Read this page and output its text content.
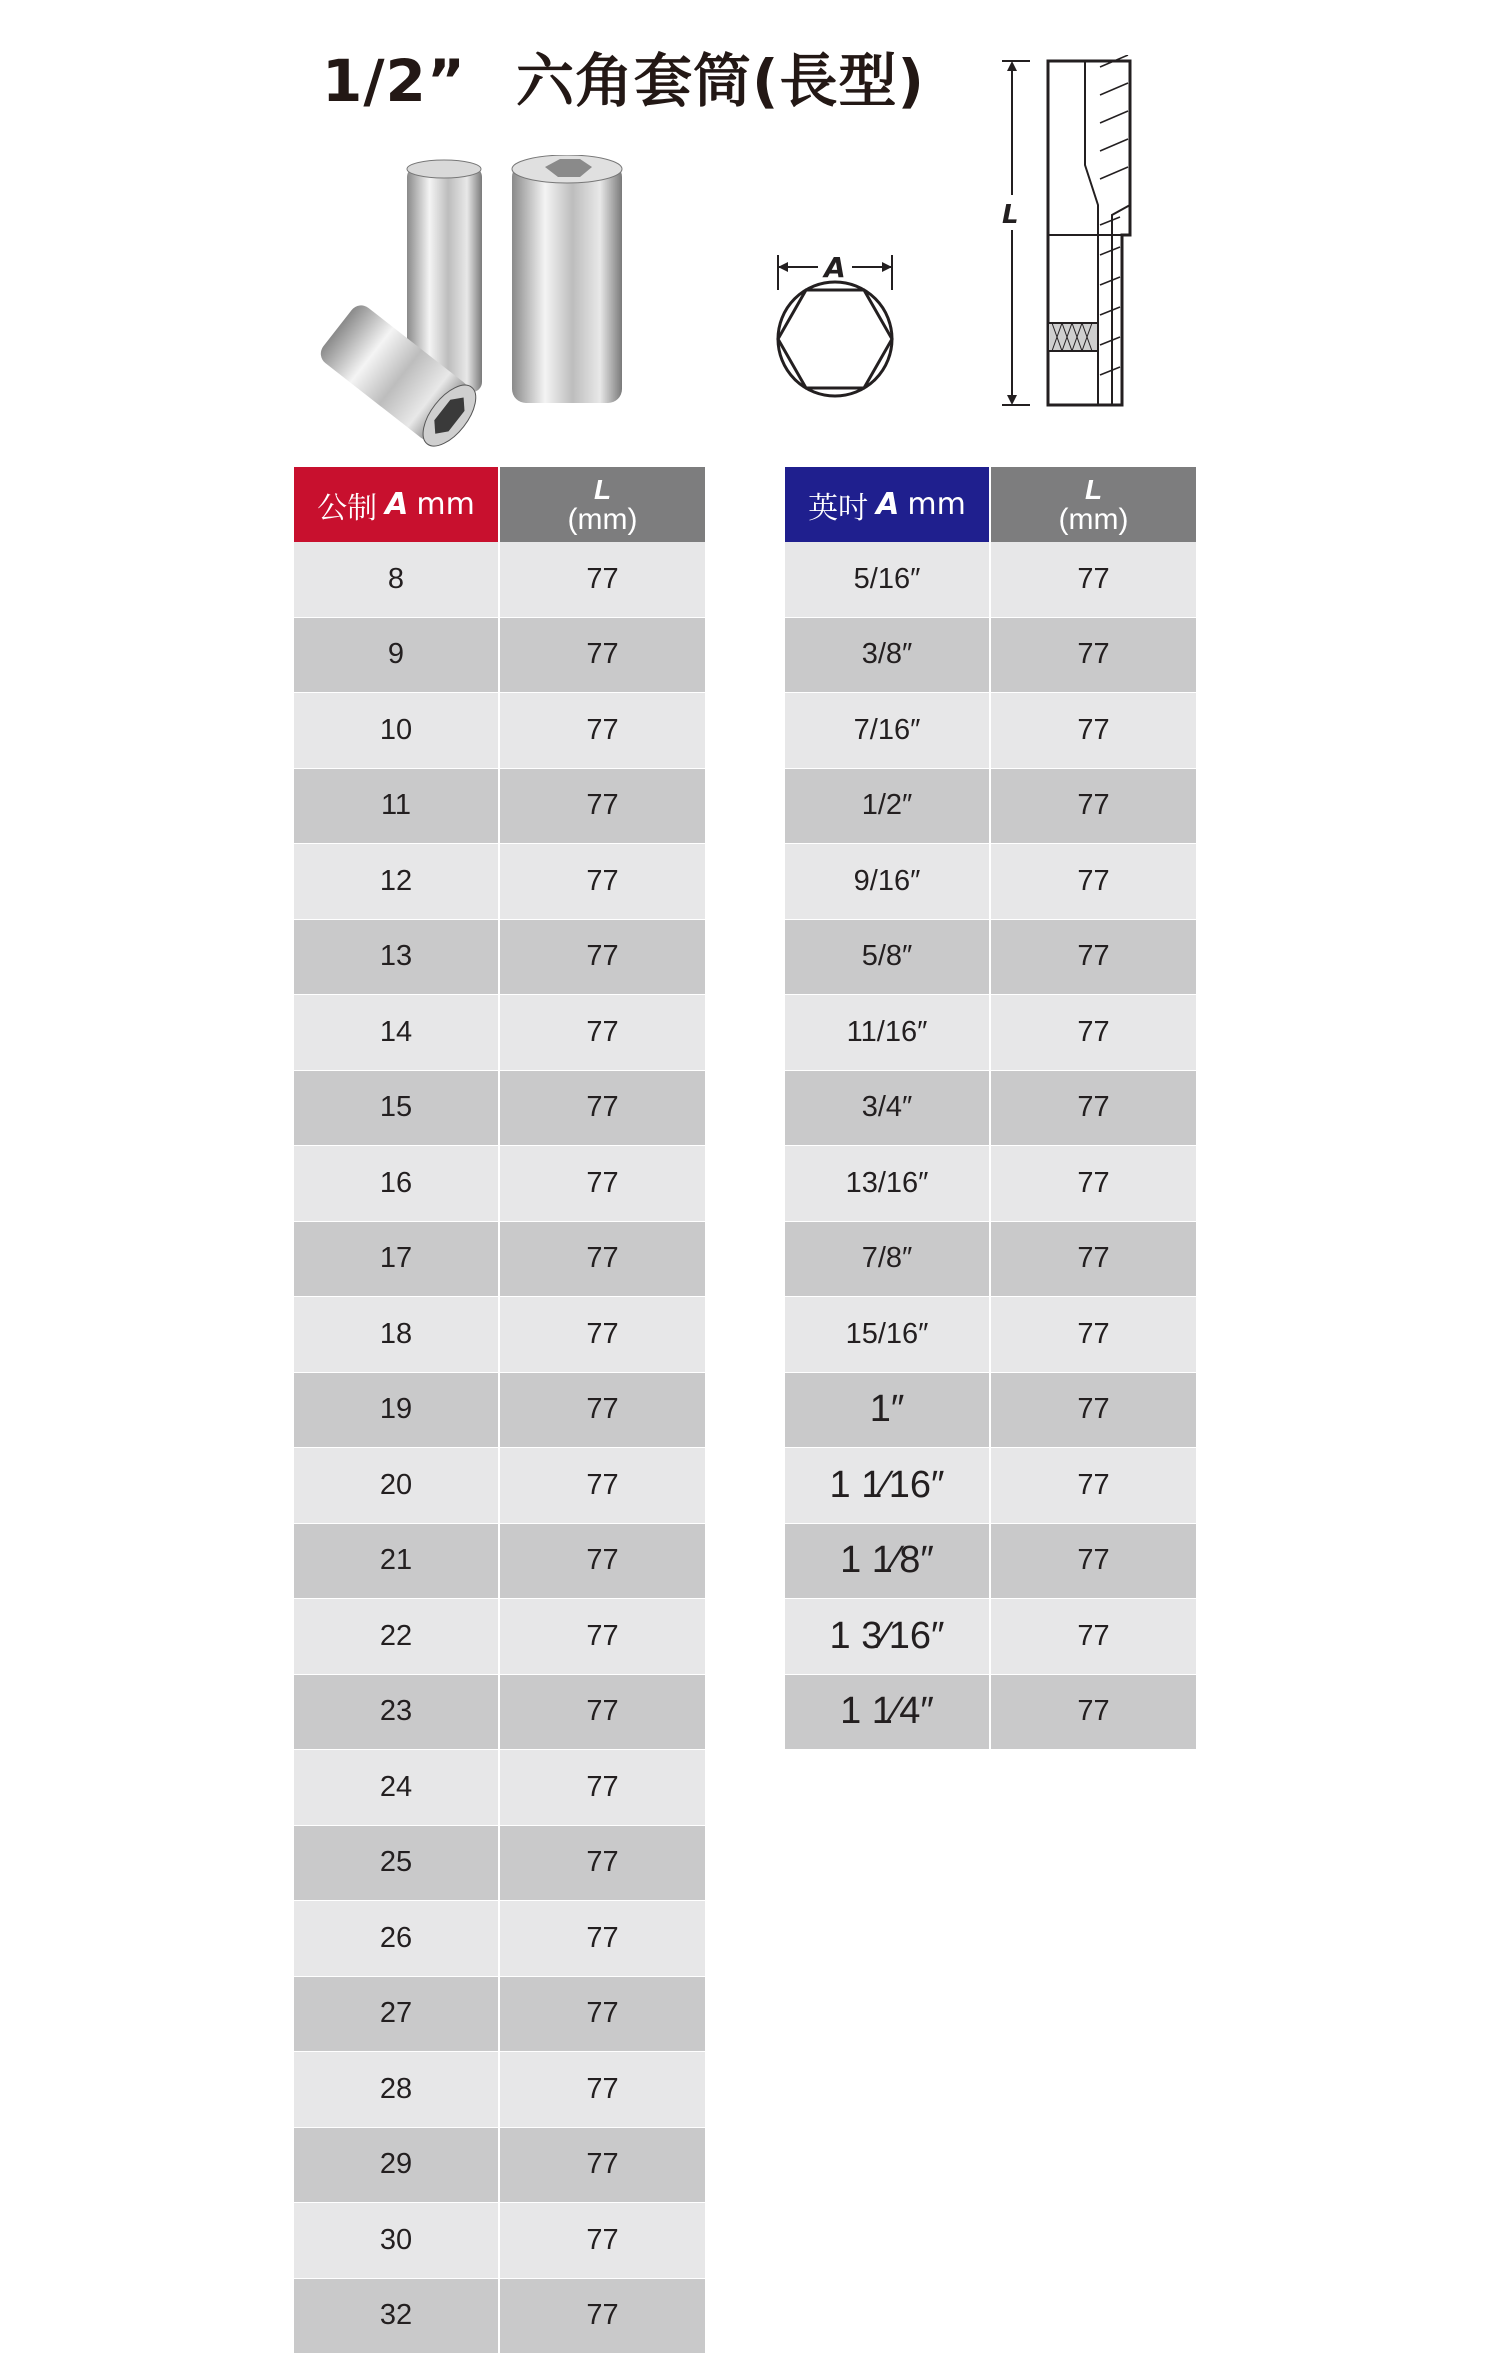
1/2” 六角套筒(長型)
A
L
公制 A mm	L
(mm)
8	77
9	77
10	77
11	77
12	77
13	77
14	77
15	77
16	77
17	77
18	77
19	77
20	77
21	77
22	77
23	77
24	77
25	77
26	77
27	77
28	77
29	77
30	77
32	77
英吋 A mm	L
(mm)
5/16″	77
3/8″	77
7/16″	77
1/2″	77
9/16″	77
5/8″	77
11/16″	77
3/4″	77
13/16″	77
7/8″	77
15/16″	77
1″	77
1 1⁄16″	77
1 1⁄8″	77
1 3⁄16″	77
1 1⁄4″	77
